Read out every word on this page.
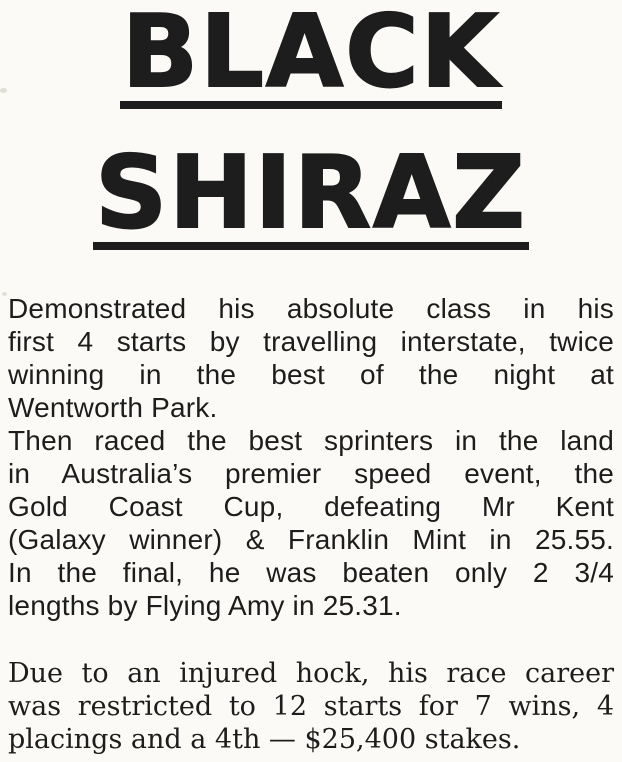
BLACK SHIRAZ
Demonstrated his absolute class in his
first 4 starts by travelling interstate, twice
winning in the best of the night at
Wentworth Park.
Then raced the best sprinters in the land
in Australia’s premier speed event, the
Gold Coast Cup, defeating Mr Kent
(Galaxy winner) & Franklin Mint in 25.55.
In the final, he was beaten only 2 3/4
lengths by Flying Amy in 25.31.
Due to an injured hock, his race career
was restricted to 12 starts for 7 wins, 4
placings and a 4th — $25,400 stakes.
